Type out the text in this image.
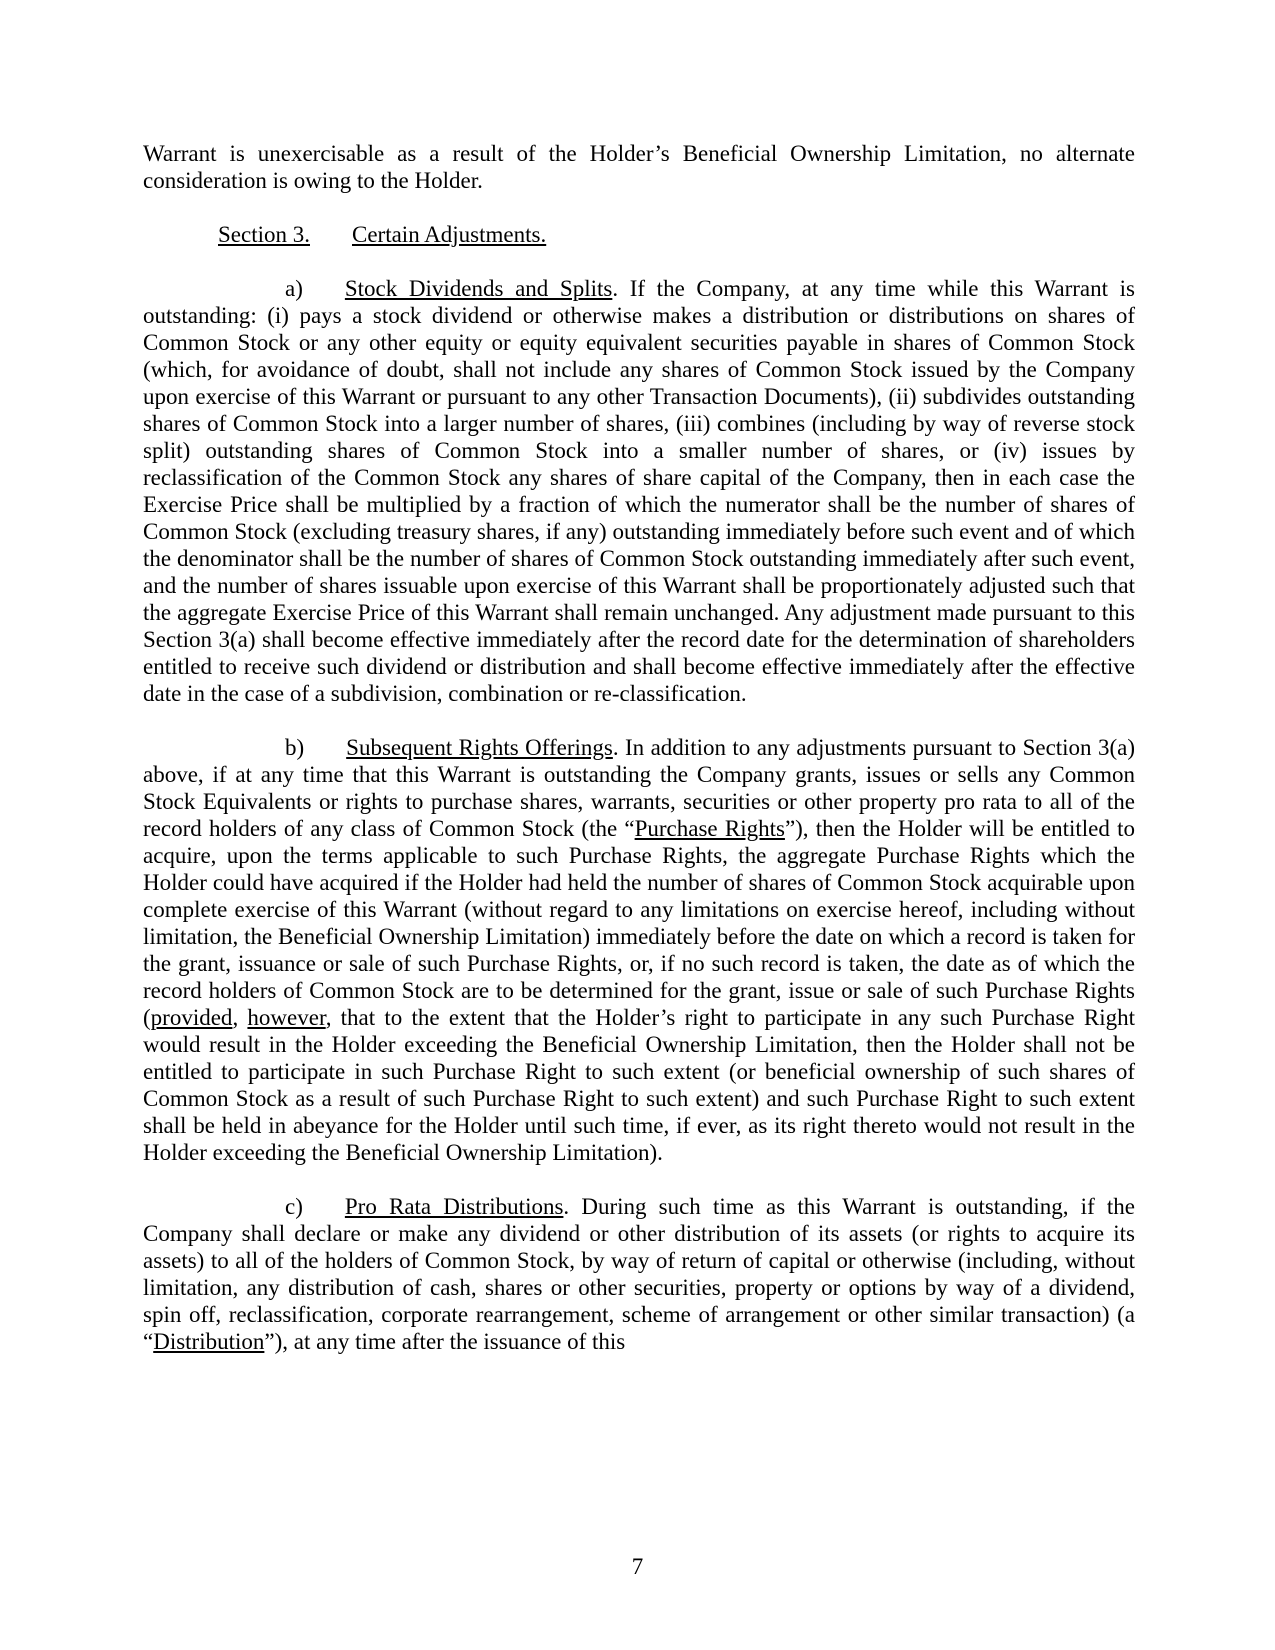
Warrant is unexercisable as a result of the Holder’s Beneficial Ownership Limitation, no alternate consideration is owing to the Holder.

Section 3. Certain Adjustments.

a) Stock Dividends and Splits. If the Company, at any time while this Warrant is outstanding: (i) pays a stock dividend or otherwise makes a distribution or distributions on shares of Common Stock or any other equity or equity equivalent securities payable in shares of Common Stock (which, for avoidance of doubt, shall not include any shares of Common Stock issued by the Company upon exercise of this Warrant or pursuant to any other Transaction Documents), (ii) subdivides outstanding shares of Common Stock into a larger number of shares, (iii) combines (including by way of reverse stock split) outstanding shares of Common Stock into a smaller number of shares, or (iv) issues by reclassification of the Common Stock any shares of share capital of the Company, then in each case the Exercise Price shall be multiplied by a fraction of which the numerator shall be the number of shares of Common Stock (excluding treasury shares, if any) outstanding immediately before such event and of which the denominator shall be the number of shares of Common Stock outstanding immediately after such event, and the number of shares issuable upon exercise of this Warrant shall be proportionately adjusted such that the aggregate Exercise Price of this Warrant shall remain unchanged. Any adjustment made pursuant to this Section 3(a) shall become effective immediately after the record date for the determination of shareholders entitled to receive such dividend or distribution and shall become effective immediately after the effective date in the case of a subdivision, combination or re-classification.

b) Subsequent Rights Offerings. In addition to any adjustments pursuant to Section 3(a) above, if at any time that this Warrant is outstanding the Company grants, issues or sells any Common Stock Equivalents or rights to purchase shares, warrants, securities or other property pro rata to all of the record holders of any class of Common Stock (the “Purchase Rights”), then the Holder will be entitled to acquire, upon the terms applicable to such Purchase Rights, the aggregate Purchase Rights which the Holder could have acquired if the Holder had held the number of shares of Common Stock acquirable upon complete exercise of this Warrant (without regard to any limitations on exercise hereof, including without limitation, the Beneficial Ownership Limitation) immediately before the date on which a record is taken for the grant, issuance or sale of such Purchase Rights, or, if no such record is taken, the date as of which the record holders of Common Stock are to be determined for the grant, issue or sale of such Purchase Rights (provided, however, that to the extent that the Holder’s right to participate in any such Purchase Right would result in the Holder exceeding the Beneficial Ownership Limitation, then the Holder shall not be entitled to participate in such Purchase Right to such extent (or beneficial ownership of such shares of Common Stock as a result of such Purchase Right to such extent) and such Purchase Right to such extent shall be held in abeyance for the Holder until such time, if ever, as its right thereto would not result in the Holder exceeding the Beneficial Ownership Limitation).

c) Pro Rata Distributions. During such time as this Warrant is outstanding, if the Company shall declare or make any dividend or other distribution of its assets (or rights to acquire its assets) to all of the holders of Common Stock, by way of return of capital or otherwise (including, without limitation, any distribution of cash, shares or other securities, property or options by way of a dividend, spin off, reclassification, corporate rearrangement, scheme of arrangement or other similar transaction) (a “Distribution”), at any time after the issuance of this

7
